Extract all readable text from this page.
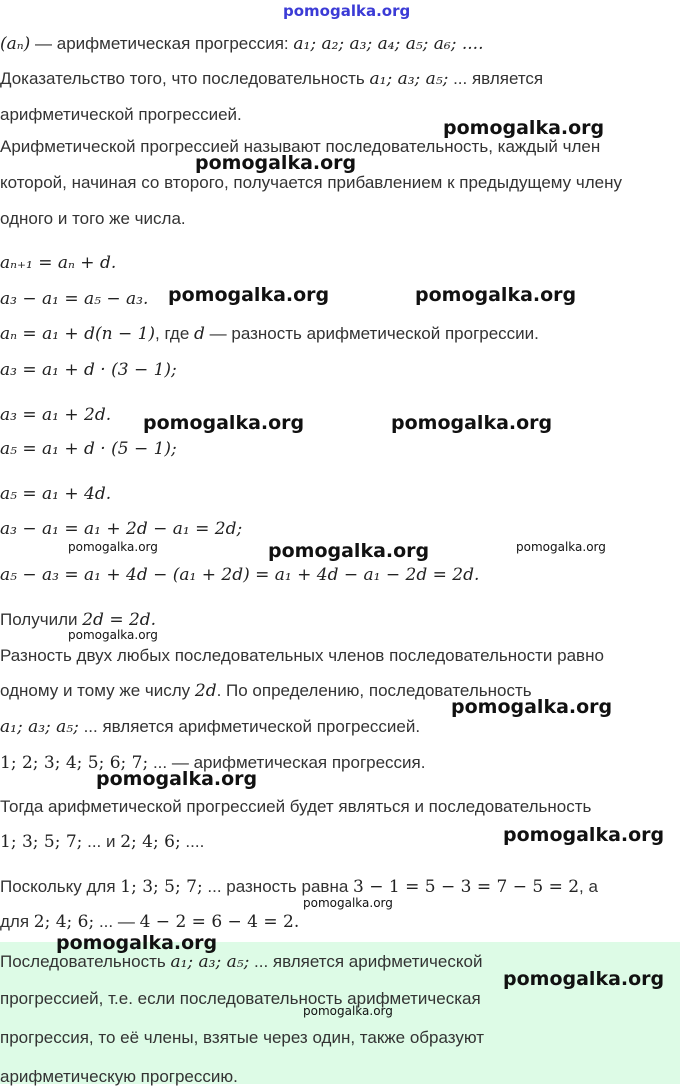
pomogalka.org
(aₙ) — арифметическая прогрессия: a₁; a₂; a₃; a₄; a₅; a₆; ....
Доказательство того, что последовательность a₁; a₃; a₅; ... является
арифметической прогрессией.
Арифметической прогрессией называют последовательность, каждый член
которой, начиная со второго, получается прибавлением к предыдущему члену
одного и того же числа.
aₙ₊₁ = aₙ + d.
a₃ − a₁ = a₅ − a₃.
aₙ = a₁ + d(n − 1), где d — разность арифметической прогрессии.
a₃ = a₁ + d · (3 − 1);
a₃ = a₁ + 2d.
a₅ = a₁ + d · (5 − 1);
a₅ = a₁ + 4d.
a₃ − a₁ = a₁ + 2d − a₁ = 2d;
a₅ − a₃ = a₁ + 4d − (a₁ + 2d) = a₁ + 4d − a₁ − 2d = 2d.
Получили 2d = 2d.
Разность двух любых последовательных членов последовательности равно
одному и тому же числу 2d. По определению, последовательность
a₁; a₃; a₅; ... является арифметической прогрессией.
1; 2; 3; 4; 5; 6; 7; ... — арифметическая прогрессия.
Тогда арифметической прогрессией будет являться и последовательность
1; 3; 5; 7; ... и 2; 4; 6; ....
Поскольку для 1; 3; 5; 7; ... разность равна 3 − 1 = 5 − 3 = 7 − 5 = 2, а
для 2; 4; 6; ... — 4 − 2 = 6 − 4 = 2.
Последовательность a₁; a₃; a₅; ... является арифметической
прогрессией, т.е. если последовательность арифметическая
прогрессия, то её члены, взятые через один, также образуют
арифметическую прогрессию.
pomogalka.org
pomogalka.org
pomogalka.org	pomogalka.org
pomogalka.org	pomogalka.org
pomogalka.org	pomogalka.org	pomogalka.org
pomogalka.org
pomogalka.org
pomogalka.org
pomogalka.org
pomogalka.org
pomogalka.org
pomogalka.org
pomogalka.org
